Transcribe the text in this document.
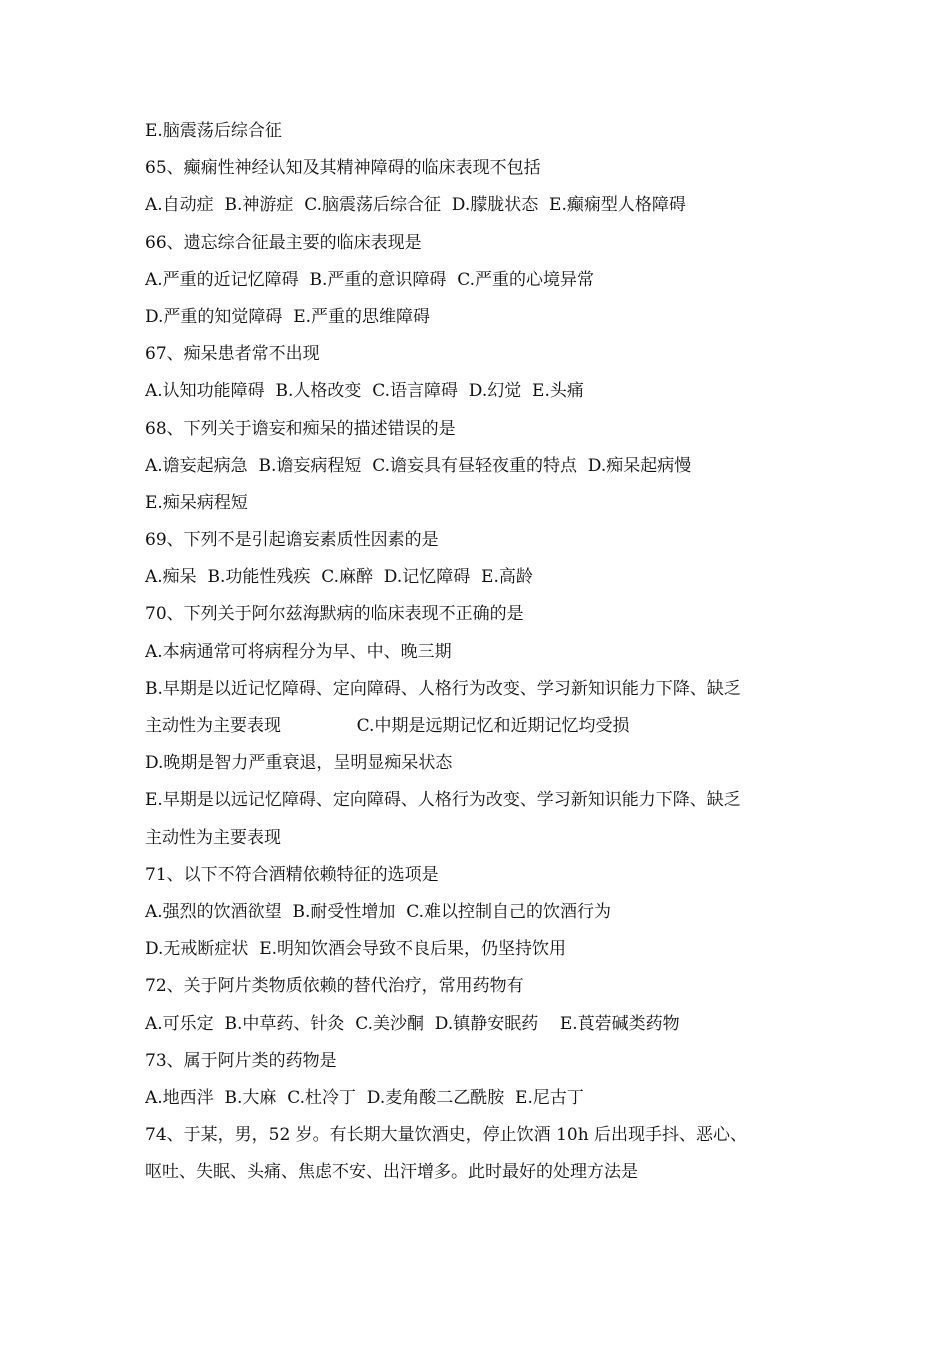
E.脑震荡后综合征
65、癫痫性神经认知及其精神障碍的临床表现不包括
A.自动症  B.神游症  C.脑震荡后综合征  D.朦胧状态  E.癫痫型人格障碍
66、遗忘综合征最主要的临床表现是
A.严重的近记忆障碍  B.严重的意识障碍  C.严重的心境异常
D.严重的知觉障碍  E.严重的思维障碍
67、痴呆患者常不出现
A.认知功能障碍  B.人格改变  C.语言障碍  D.幻觉  E.头痛
68、下列关于谵妄和痴呆的描述错误的是
A.谵妄起病急  B.谵妄病程短  C.谵妄具有昼轻夜重的特点  D.痴呆起病慢
E.痴呆病程短
69、下列不是引起谵妄素质性因素的是
A.痴呆  B.功能性残疾  C.麻醉  D.记忆障碍  E.高龄
70、下列关于阿尔兹海默病的临床表现不正确的是
A.本病通常可将病程分为早、中、晚三期
B.早期是以近记忆障碍、定向障碍、人格行为改变、学习新知识能力下降、缺乏
主动性为主要表现              C.中期是远期记忆和近期记忆均受损
D.晚期是智力严重衰退，呈明显痴呆状态
E.早期是以远记忆障碍、定向障碍、人格行为改变、学习新知识能力下降、缺乏
主动性为主要表现
71、以下不符合酒精依赖特征的选项是
A.强烈的饮酒欲望  B.耐受性增加  C.难以控制自己的饮酒行为
D.无戒断症状  E.明知饮酒会导致不良后果，仍坚持饮用
72、关于阿片类物质依赖的替代治疗，常用药物有
A.可乐定  B.中草药、针灸  C.美沙酮  D.镇静安眠药    E.莨菪碱类药物
73、属于阿片类的药物是
A.地西泮  B.大麻  C.杜冷丁  D.麦角酸二乙酰胺  E.尼古丁
74、于某，男，52 岁。有长期大量饮酒史，停止饮酒 10h 后出现手抖、恶心、
呕吐、失眠、头痛、焦虑不安、出汗增多。此时最好的处理方法是
